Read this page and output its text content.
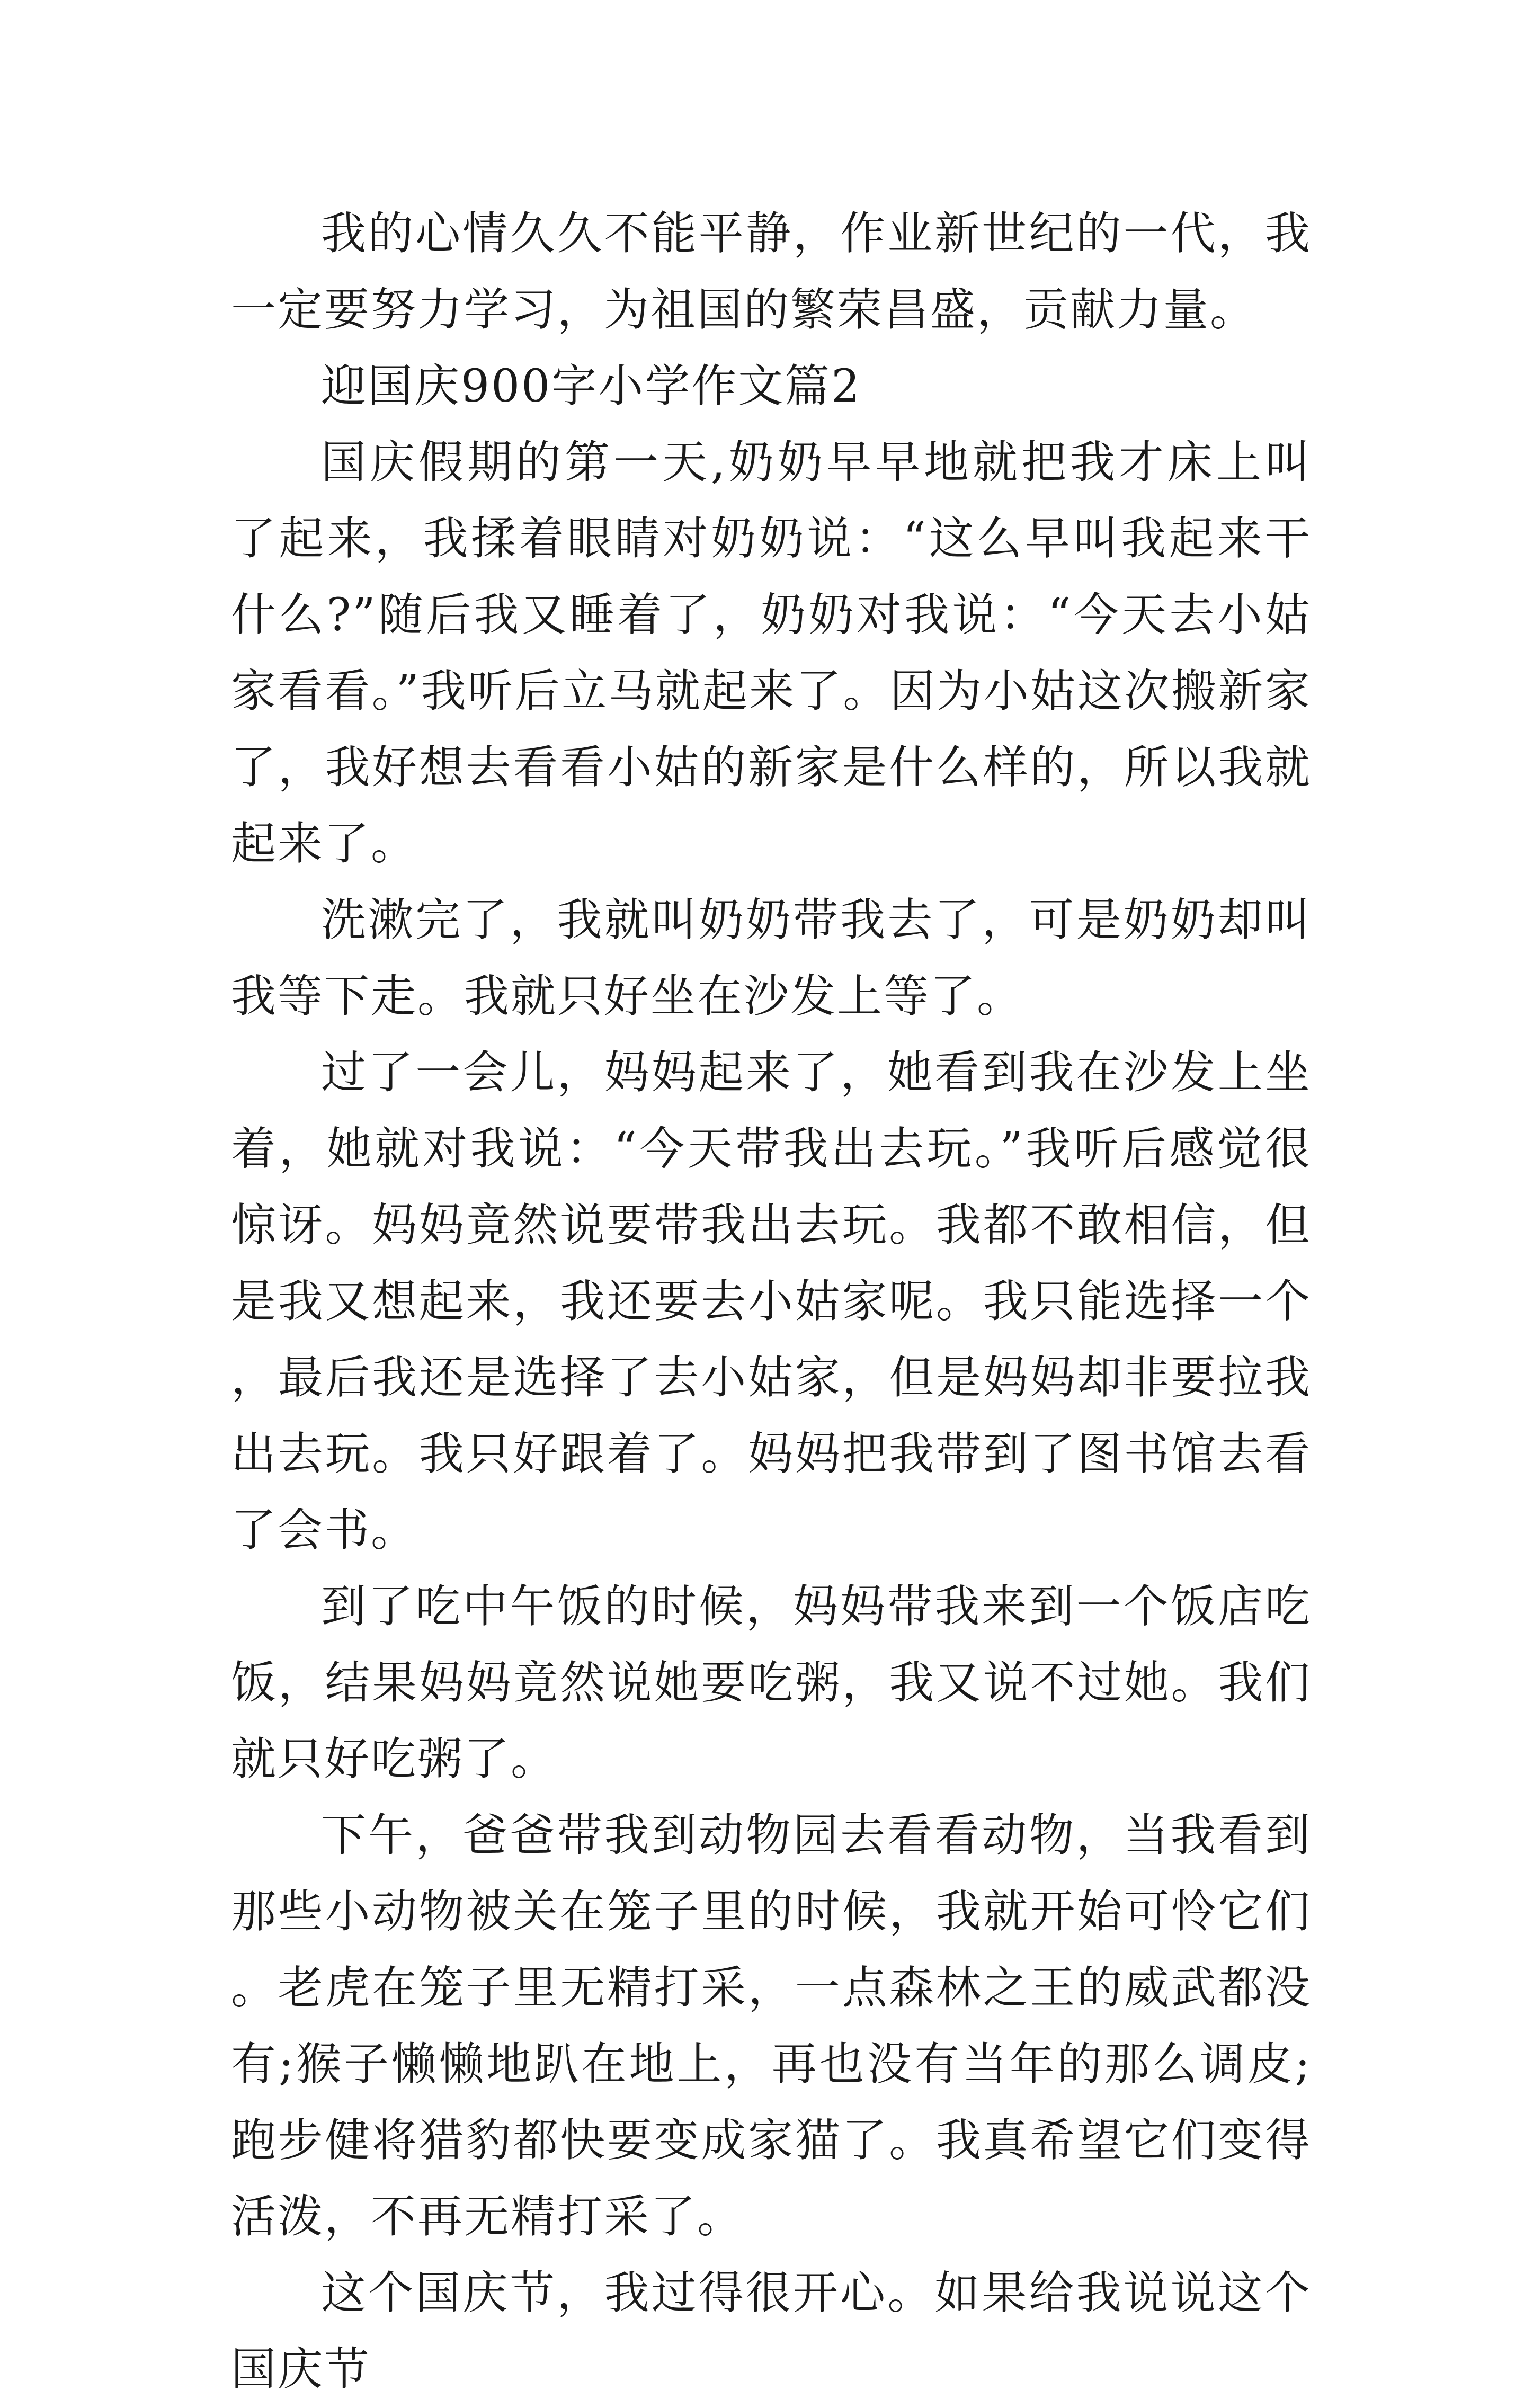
我的心情久久不能平静，作业新世纪的一代，我一定要努力学习，为祖国的繁荣昌盛，贡献力量。

迎国庆900字小学作文篇2

国庆假期的第一天,奶奶早早地就把我才床上叫了起来，我揉着眼睛对奶奶说：“这么早叫我起来干什么?”随后我又睡着了，奶奶对我说：“今天去小姑家看看。”我听后立马就起来了。因为小姑这次搬新家了，我好想去看看小姑的新家是什么样的，所以我就起来了。

洗漱完了，我就叫奶奶带我去了，可是奶奶却叫我等下走。我就只好坐在沙发上等了。

过了一会儿，妈妈起来了，她看到我在沙发上坐着，她就对我说：“今天带我出去玩。”我听后感觉很惊讶。妈妈竟然说要带我出去玩。我都不敢相信，但是我又想起来，我还要去小姑家呢。我只能选择一个，最后我还是选择了去小姑家，但是妈妈却非要拉我出去玩。我只好跟着了。妈妈把我带到了图书馆去看了会书。

到了吃中午饭的时候，妈妈带我来到一个饭店吃饭，结果妈妈竟然说她要吃粥，我又说不过她。我们就只好吃粥了。

下午，爸爸带我到动物园去看看动物，当我看到那些小动物被关在笼子里的时候，我就开始可怜它们。老虎在笼子里无精打采，一点森林之王的威武都没有;猴子懒懒地趴在地上，再也没有当年的那么调皮;跑步健将猎豹都快要变成家猫了。我真希望它们变得活泼，不再无精打采了。

这个国庆节，我过得很开心。如果给我说说这个国庆节
